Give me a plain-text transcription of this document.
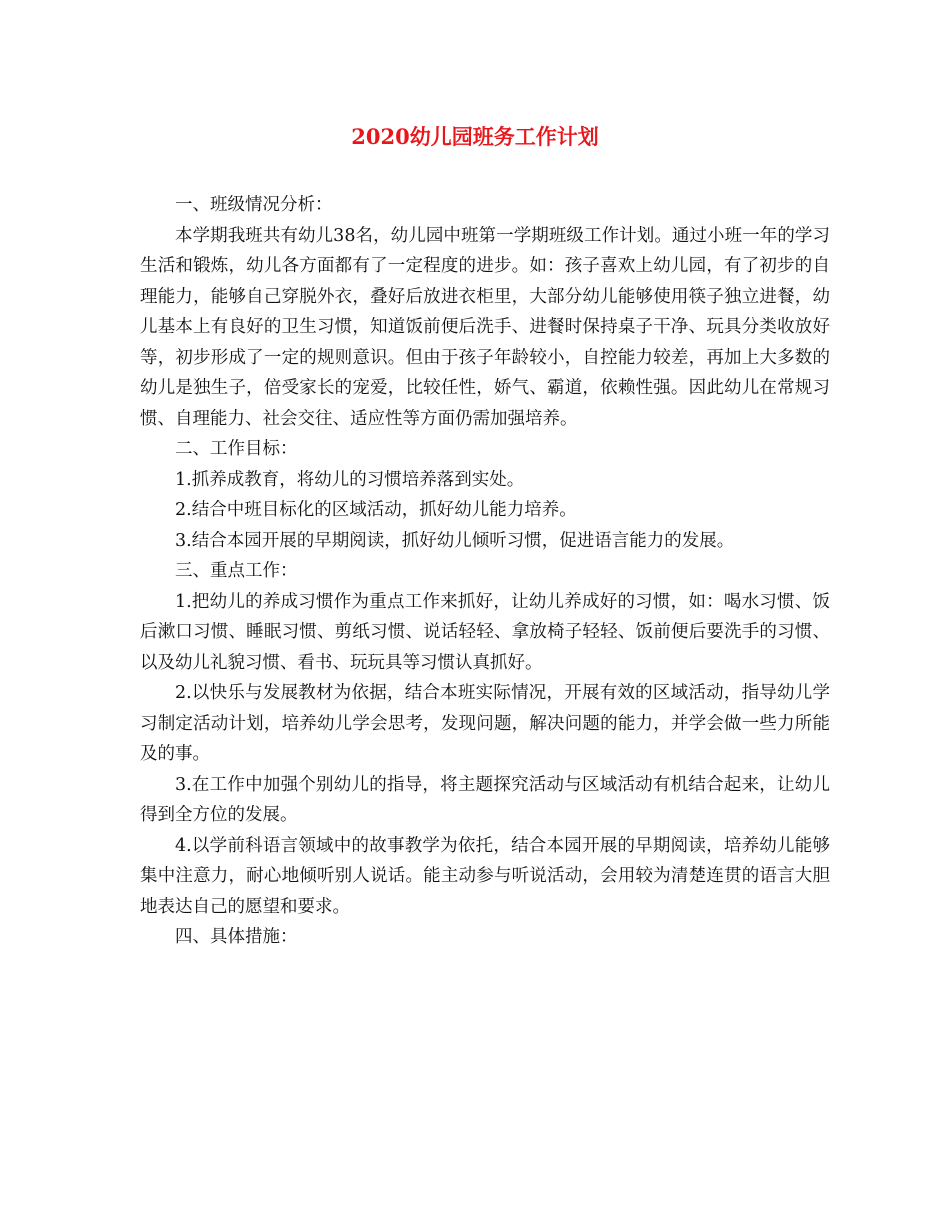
2020幼儿园班务工作计划

一、班级情况分析：

本学期我班共有幼儿38名，幼儿园中班第一学期班级工作计划。通过小班一年的学习生活和锻炼，幼儿各方面都有了一定程度的进步。如：孩子喜欢上幼儿园，有了初步的自理能力，能够自己穿脱外衣，叠好后放进衣柜里，大部分幼儿能够使用筷子独立进餐，幼儿基本上有良好的卫生习惯，知道饭前便后洗手、进餐时保持桌子干净、玩具分类收放好等，初步形成了一定的规则意识。但由于孩子年龄较小，自控能力较差，再加上大多数的幼儿是独生子，倍受家长的宠爱，比较任性，娇气、霸道，依赖性强。因此幼儿在常规习惯、自理能力、社会交往、适应性等方面仍需加强培养。

二、工作目标：

1.抓养成教育，将幼儿的习惯培养落到实处。

2.结合中班目标化的区域活动，抓好幼儿能力培养。

3.结合本园开展的早期阅读，抓好幼儿倾听习惯，促进语言能力的发展。

三、重点工作：

1.把幼儿的养成习惯作为重点工作来抓好，让幼儿养成好的习惯，如：喝水习惯、饭后漱口习惯、睡眠习惯、剪纸习惯、说话轻轻、拿放椅子轻轻、饭前便后要洗手的习惯、以及幼儿礼貌习惯、看书、玩玩具等习惯认真抓好。

2.以快乐与发展教材为依据，结合本班实际情况，开展有效的区域活动，指导幼儿学习制定活动计划，培养幼儿学会思考，发现问题，解决问题的能力，并学会做一些力所能及的事。

3.在工作中加强个别幼儿的指导，将主题探究活动与区域活动有机结合起来，让幼儿得到全方位的发展。

4.以学前科语言领域中的故事教学为依托，结合本园开展的早期阅读，培养幼儿能够集中注意力，耐心地倾听别人说话。能主动参与听说活动，会用较为清楚连贯的语言大胆地表达自己的愿望和要求。

四、具体措施：
